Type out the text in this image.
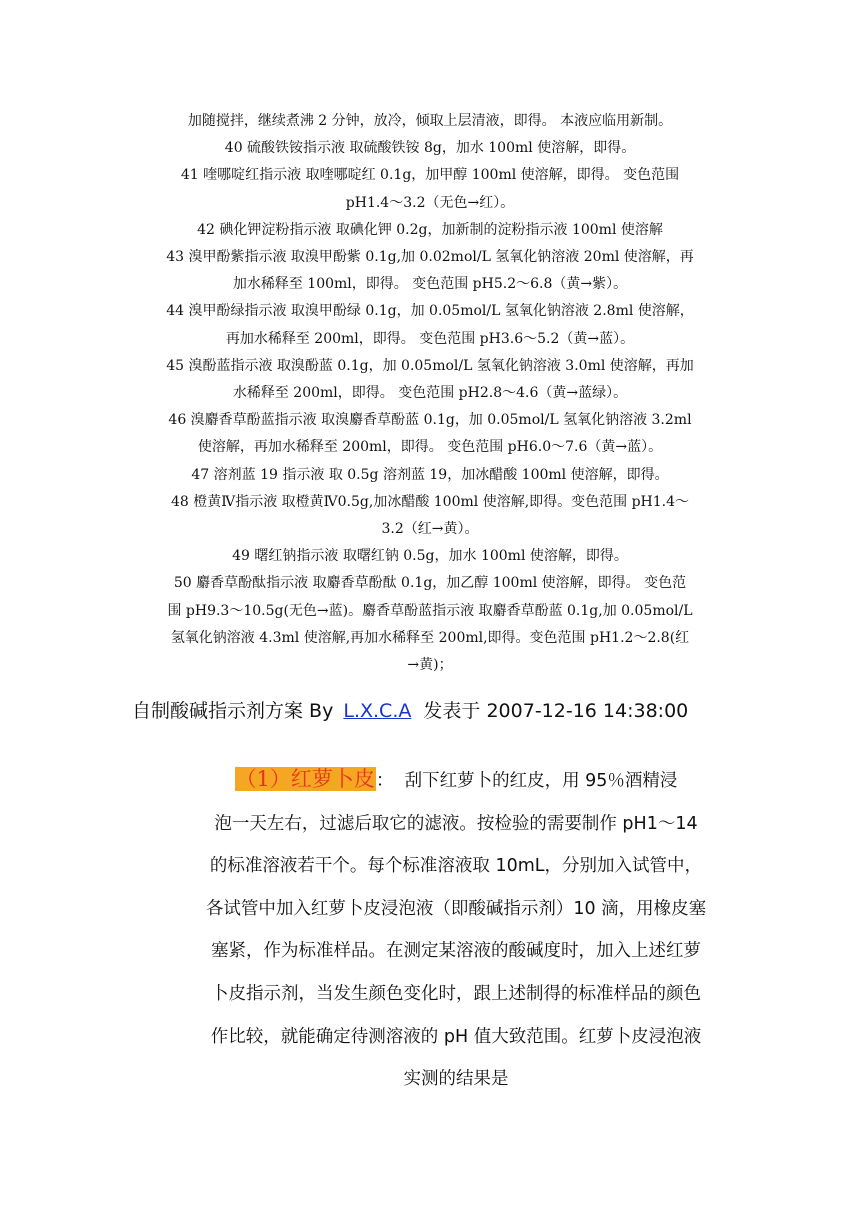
加随搅拌，继续煮沸 2 分钟，放冷，倾取上层清液，即得。 本液应临用新制。
40 硫酸铁铵指示液 取硫酸铁铵 8g，加水 100ml 使溶解，即得。
41 喹哪啶红指示液 取喹哪啶红 0.1g，加甲醇 100ml 使溶解，即得。 变色范围
pH1.4～3.2（无色→红）。
42 碘化钾淀粉指示液 取碘化钾 0.2g，加新制的淀粉指示液 100ml 使溶解
43 溴甲酚紫指示液 取溴甲酚紫 0.1g,加 0.02mol/L 氢氧化钠溶液 20ml 使溶解，再
加水稀释至 100ml，即得。 变色范围 pH5.2～6.8（黄→紫）。
44 溴甲酚绿指示液 取溴甲酚绿 0.1g，加 0.05mol/L 氢氧化钠溶液 2.8ml 使溶解，
再加水稀释至 200ml，即得。 变色范围 pH3.6～5.2（黄→蓝）。
45 溴酚蓝指示液 取溴酚蓝 0.1g，加 0.05mol/L 氢氧化钠溶液 3.0ml 使溶解，再加
水稀释至 200ml，即得。 变色范围 pH2.8～4.6（黄→蓝绿）。
46 溴麝香草酚蓝指示液 取溴麝香草酚蓝 0.1g，加 0.05mol/L 氢氧化钠溶液 3.2ml
使溶解，再加水稀释至 200ml，即得。 变色范围 pH6.0～7.6（黄→蓝）。
47 溶剂蓝 19 指示液 取 0.5g 溶剂蓝 19，加冰醋酸 100ml 使溶解，即得。
48 橙黄Ⅳ指示液 取橙黄Ⅳ0.5g,加冰醋酸 100ml 使溶解,即得。变色范围 pH1.4～
3.2（红→黄）。
49 曙红钠指示液 取曙红钠 0.5g，加水 100ml 使溶解，即得。
50 麝香草酚酞指示液 取麝香草酚酞 0.1g，加乙醇 100ml 使溶解，即得。 变色范
围 pH9.3～10.5g(无色→蓝)。麝香草酚蓝指示液 取麝香草酚蓝 0.1g,加 0.05mol/L
氢氧化钠溶液 4.3ml 使溶解,再加水稀释至 200ml,即得。变色范围 pH1.2～2.8(红
→黄)；
自制酸碱指示剂方案 By L.X.C.A 发表于 2007-12-16 14:38:00
（1）红萝卜皮： 刮下红萝卜的红皮，用 95％酒精浸
泡一天左右，过滤后取它的滤液。按检验的需要制作 pH1～14
的标准溶液若干个。每个标准溶液取 10mL，分别加入试管中，
各试管中加入红萝卜皮浸泡液（即酸碱指示剂）10 滴，用橡皮塞
塞紧，作为标准样品。在测定某溶液的酸碱度时，加入上述红萝
卜皮指示剂，当发生颜色变化时，跟上述制得的标准样品的颜色
作比较，就能确定待测溶液的 pH 值大致范围。红萝卜皮浸泡液
实测的结果是
